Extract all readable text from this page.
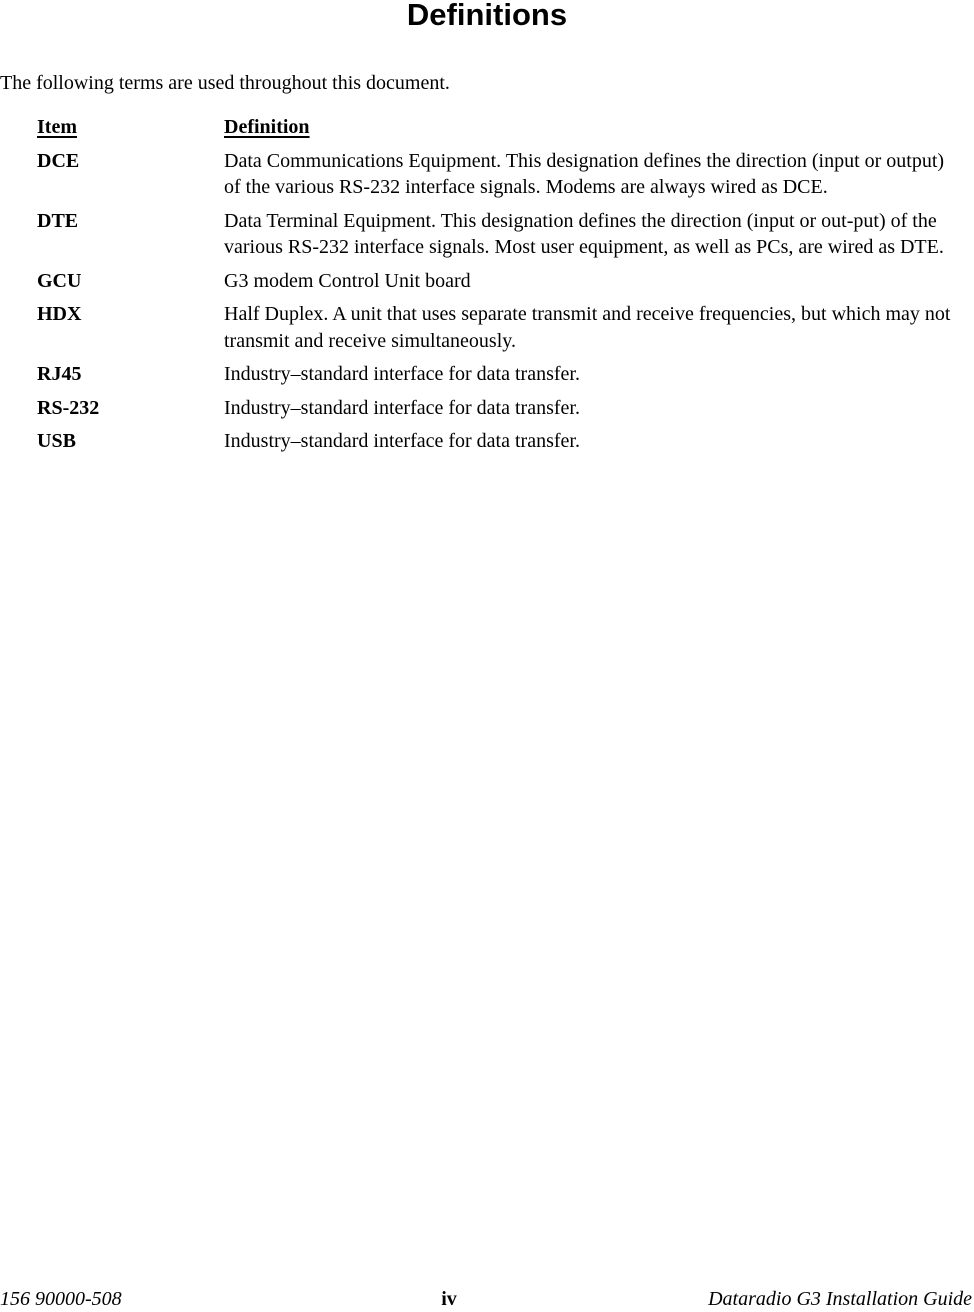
Definitions
The following terms are used throughout this document.
Item	Definition
DCE	Data Communications Equipment. This designation defines the direction (input or output) of the various RS-232 interface signals. Modems are always wired as DCE.
DTE	Data Terminal Equipment. This designation defines the direction (input or out-put) of the various RS-232 interface signals. Most user equipment, as well as PCs, are wired as DTE.
GCU	G3 modem Control Unit board
HDX	Half Duplex. A unit that uses separate transmit and receive frequencies, but which may not transmit and receive simultaneously.
RJ45	Industry–standard interface for data transfer.
RS-232	Industry–standard interface for data transfer.
USB	Industry–standard interface for data transfer.
156 90000-508	iv	Dataradio G3 Installation Guide
